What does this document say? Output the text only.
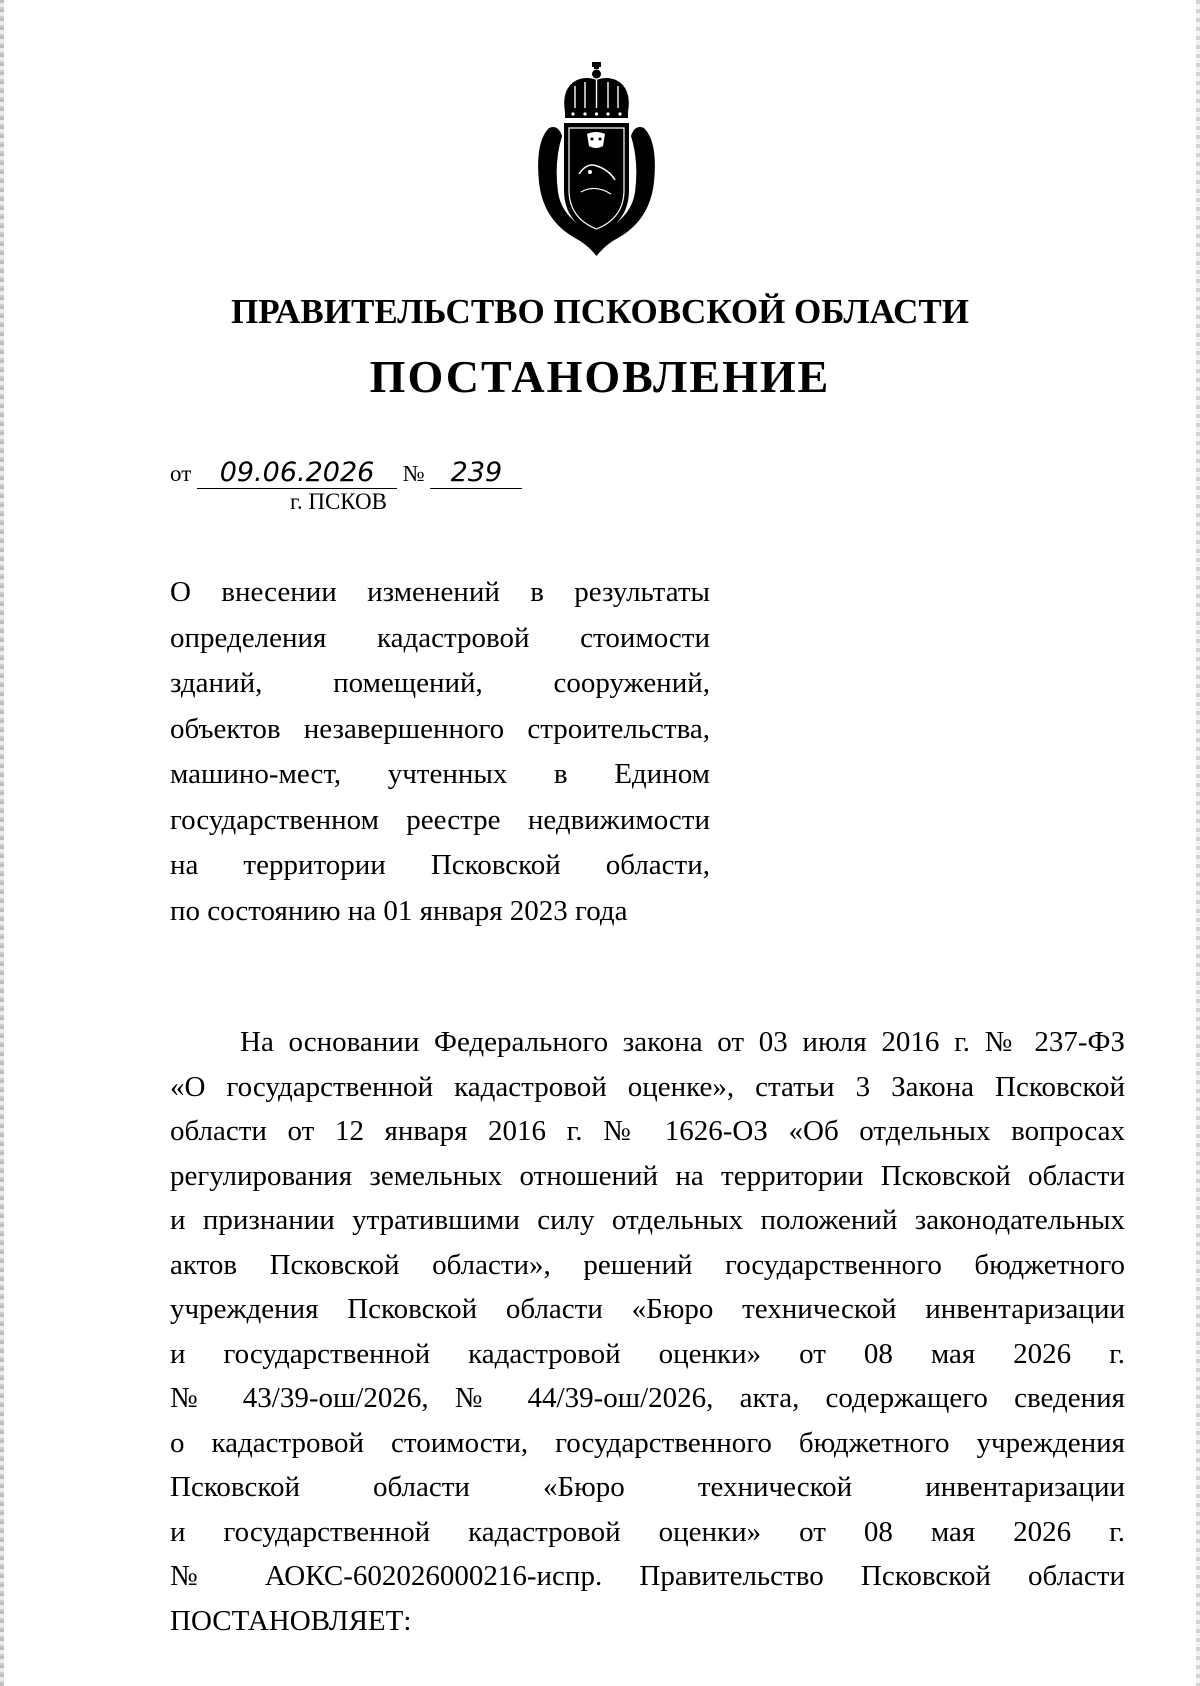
ПРАВИТЕЛЬСТВО ПСКОВСКОЙ ОБЛАСТИ
ПОСТАНОВЛЕНИЕ
от 09.06.2026 № 239
г. ПСКОВ
О внесении изменений в результаты
определения кадастровой стоимости
зданий, помещений, сооружений,
объектов незавершенного строительства,
машино-мест, учтенных в Едином
государственном реестре недвижимости
на территории Псковской области,
по состоянию на 01 января 2023 года
На основании Федерального закона от 03 июля 2016 г. № 237-ФЗ
«О государственной кадастровой оценке», статьи 3 Закона Псковской
области от 12 января 2016 г. № 1626-ОЗ «Об отдельных вопросах
регулирования земельных отношений на территории Псковской области
и признании утратившими силу отдельных положений законодательных
актов Псковской области», решений государственного бюджетного
учреждения Псковской области «Бюро технической инвентаризации
и государственной кадастровой оценки» от 08 мая 2026 г.
№ 43/39-ош/2026, № 44/39-ош/2026, акта, содержащего сведения
о кадастровой стоимости, государственного бюджетного учреждения
Псковской области «Бюро технической инвентаризации
и государственной кадастровой оценки» от 08 мая 2026 г.
№ АОКС-602026000216-испр. Правительство Псковской области
ПОСТАНОВЛЯЕТ:
